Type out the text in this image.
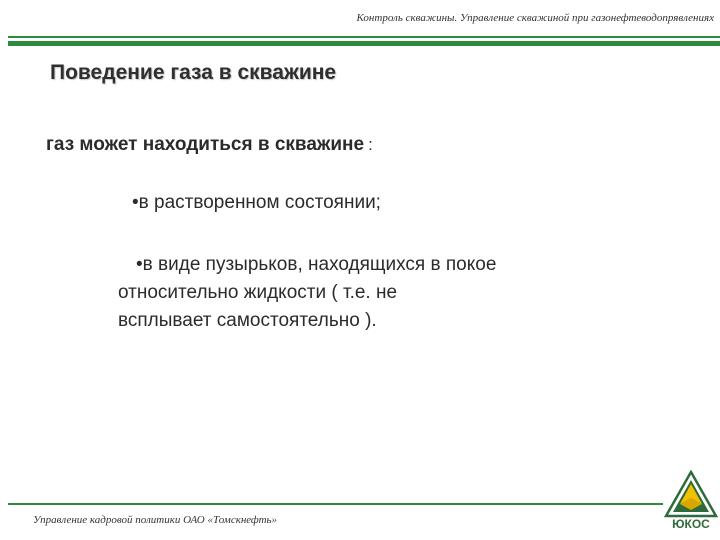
Контроль скважины. Управление скважиной при газонефтеводопрявлениях
Поведение газа в скважине
газ может находиться в скважине :
•в растворенном состоянии;
•в виде пузырьков, находящихся в покое
относительно жидкости ( т.е. не
всплывает самостоятельно ).
Управление кадровой политики ОАО «Томскнефть»	ЮКОС
